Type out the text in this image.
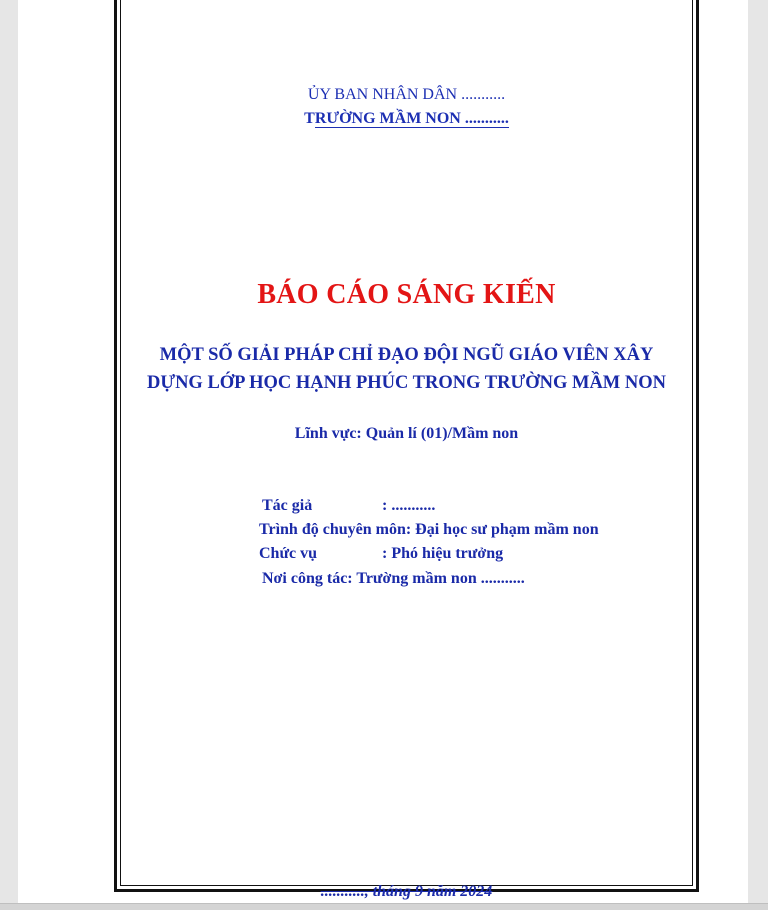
ỦY BAN NHÂN DÂN ...........
TRƯỜNG MẦM NON ...........
BÁO CÁO SÁNG KIẾN
MỘT SỐ GIẢI PHÁP CHỈ ĐẠO ĐỘI NGŨ GIÁO VIÊN XÂY
DỰNG LỚP HỌC HẠNH PHÚC TRONG TRƯỜNG MẦM NON
Lĩnh vực: Quản lí (01)/Mầm non
Tác giả	: ...........
Trình độ chuyên môn: Đại học sư phạm mầm non
Chức vụ	: Phó hiệu trưởng
Nơi công tác: Trường mầm non ...........
..........., tháng 9 năm 2024
